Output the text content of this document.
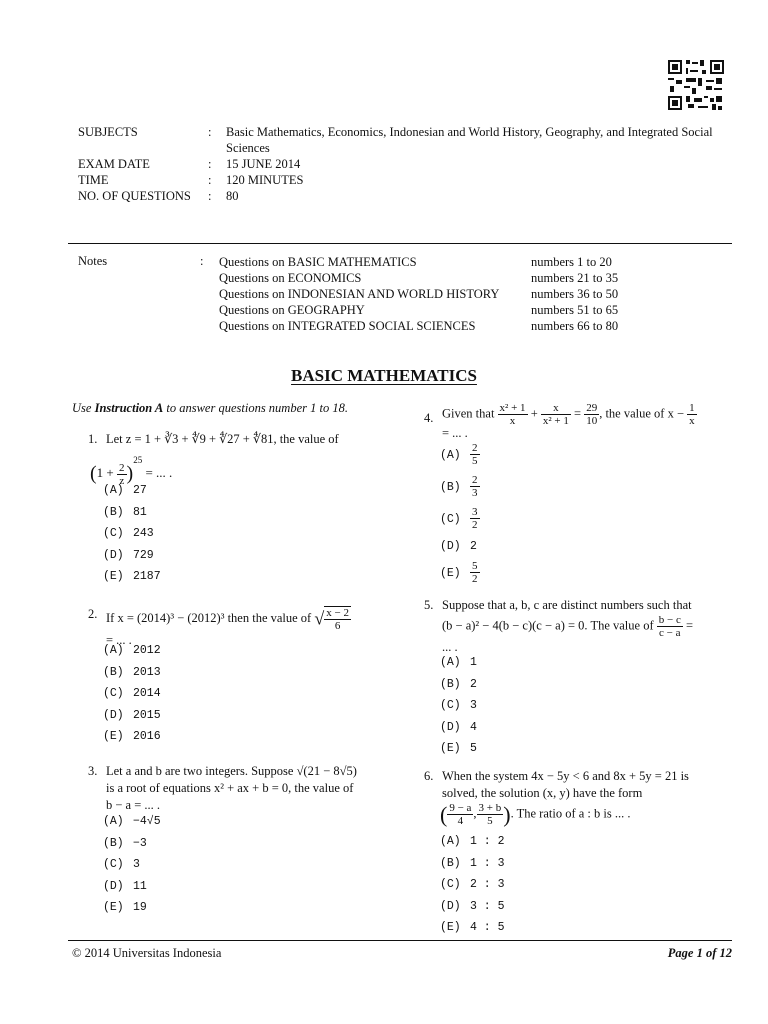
SUBJECTS	:	Basic Mathematics, Economics, Indonesian and World History, Geography, and Integrated Social Sciences
EXAM DATE	:	15 JUNE 2014
TIME	:	120 MINUTES
NO. OF QUESTIONS	:	80
Notes	: Questions on BASIC MATHEMATICS	numbers 1 to 20
Questions on ECONOMICS	numbers 21 to 35
Questions on INDONESIAN AND WORLD HISTORY	numbers 36 to 50
Questions on GEOGRAPHY	numbers 51 to 65
Questions on INTEGRATED SOCIAL SCIENCES	numbers 66 to 80
BASIC MATHEMATICS
Use Instruction A to answer questions number 1 to 18.
1. Let z = 1 + ∛3 + ∜9 + ∜27 + ∜81, the value of
$(1 + \frac{2}{z} )^{25}$ = ... .
(A) 27
(B) 81
(C) 243
(D) 729
(E) 2187
2. If x = (2014)³ − (2012)³ then the value of √ $\frac{x - 2}{6}$
= ... .
(A) 2012
(B) 2013
(C) 2014
(D) 2015
(E) 2016
3. Let a and b are two integers. Suppose √(21 − 8√5)
is a root of equations x² + ax + b = 0, the value of
b − a = ... .
(A) −4√5
(B) −3
(C) 3
(D) 11
(E) 19
4. Given that $\frac{\text{x² + 1}}{x} + \frac{x}{\text{x² + 1}} = \frac{29}{10}$ , the value of $x - \frac{1}{x}$
= ... .
$(A) \frac{2}{5}$
$(B) \frac{2}{3}$
$(C) \frac{3}{2}$
(D) 2
$(E) \frac{5}{2}$
5. Suppose that a, b, c are distinct numbers such that
(b − a)² − 4(b − c)(c − a) = 0. The value of $\frac{b - c}{c - a}$ =
... .
(A) 1
(B) 2
(C) 3
(D) 4
(E) 5
6. When the system 4x − 5y < 6 and 8x + 5y = 21 is
solved, the solution (x, y) have the form
( $\frac{9 - a}{4}$ , $\frac{3 + b}{5}$ ). The ratio of a : b is ... .
(A) 1 : 2
(B) 1 : 3
(C) 2 : 3
(D) 3 : 5
(E) 4 : 5
© 2014 Universitas Indonesia	Page 1 of 12
